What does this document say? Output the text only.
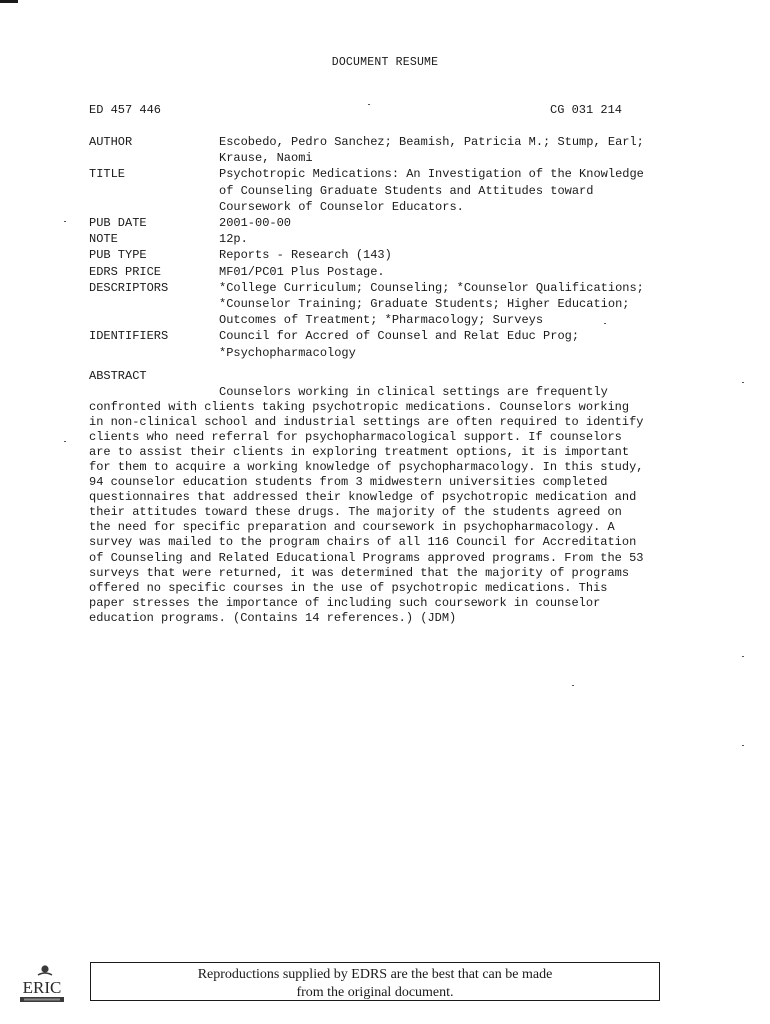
DOCUMENT RESUME
ED 457 446	CG 031 214
AUTHOR	Escobedo, Pedro Sanchez; Beamish, Patricia M.; Stump, Earl;
Krause, Naomi
TITLE	Psychotropic Medications: An Investigation of the Knowledge
of Counseling Graduate Students and Attitudes toward
Coursework of Counselor Educators.
PUB DATE	2001-00-00
NOTE	12p.
PUB TYPE	Reports - Research (143)
EDRS PRICE	MF01/PC01 Plus Postage.
DESCRIPTORS	*College Curriculum; Counseling; *Counselor Qualifications;
*Counselor Training; Graduate Students; Higher Education;
Outcomes of Treatment; *Pharmacology; Surveys
IDENTIFIERS	Council for Accred of Counsel and Relat Educ Prog;
*Psychopharmacology
ABSTRACT
Counselors working in clinical settings are frequently
confronted with clients taking psychotropic medications. Counselors working
in non-clinical school and industrial settings are often required to identify
clients who need referral for psychopharmacological support. If counselors
are to assist their clients in exploring treatment options, it is important
for them to acquire a working knowledge of psychopharmacology. In this study,
94 counselor education students from 3 midwestern universities completed
questionnaires that addressed their knowledge of psychotropic medication and
their attitudes toward these drugs. The majority of the students agreed on
the need for specific preparation and coursework in psychopharmacology. A
survey was mailed to the program chairs of all 116 Council for Accreditation
of Counseling and Related Educational Programs approved programs. From the 53
surveys that were returned, it was determined that the majority of programs
offered no specific courses in the use of psychotropic medications. This
paper stresses the importance of including such coursework in counselor
education programs. (Contains 14 references.) (JDM)
ERIC
Reproductions supplied by EDRS are the best that can be made
from the original document.
